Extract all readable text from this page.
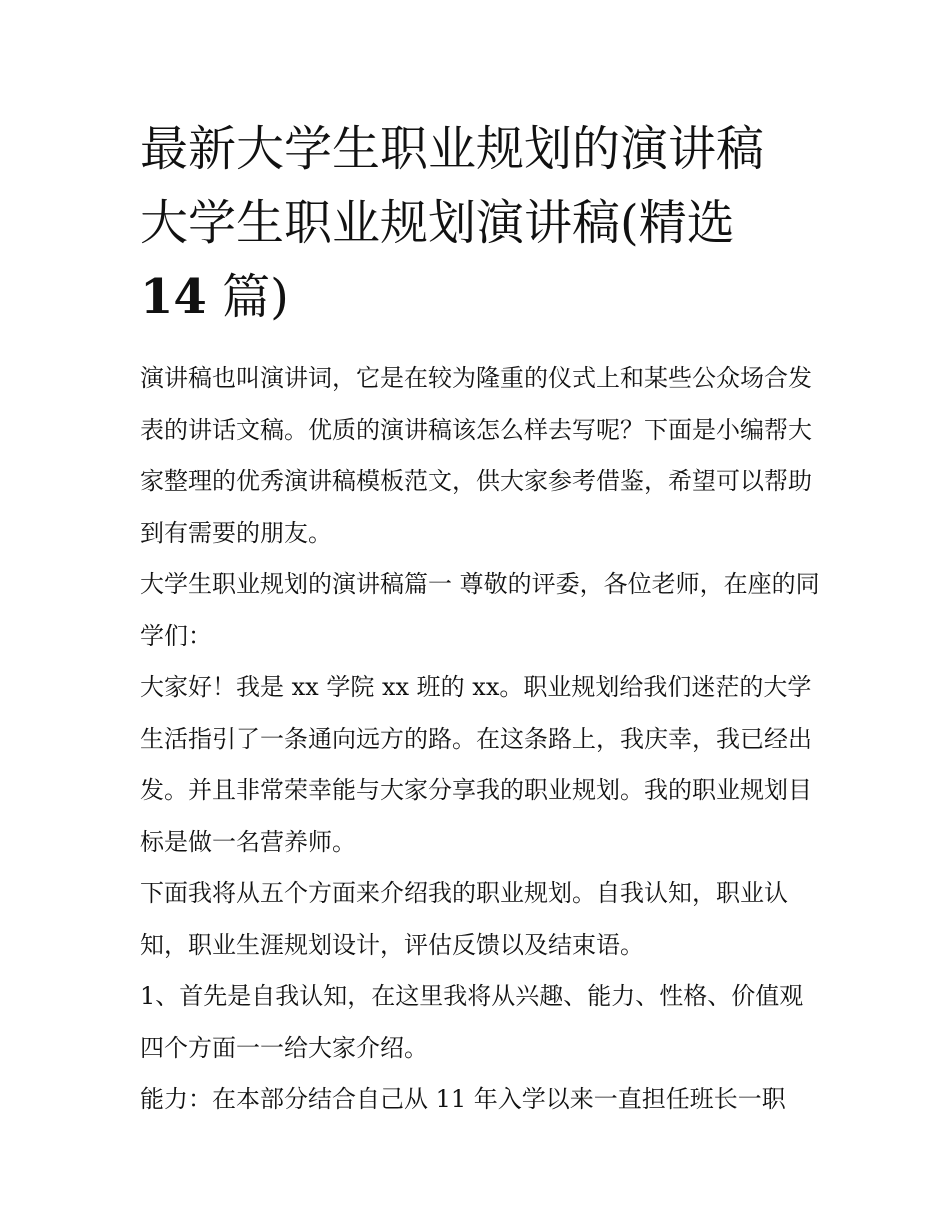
最新大学生职业规划的演讲稿
大学生职业规划演讲稿(精选
14 篇)

演讲稿也叫演讲词，它是在较为隆重的仪式上和某些公众场合发表的讲话文稿。优质的演讲稿该怎么样去写呢？下面是小编帮大家整理的优秀演讲稿模板范文，供大家参考借鉴，希望可以帮助到有需要的朋友。

大学生职业规划的演讲稿篇一 尊敬的评委，各位老师，在座的同学们：

大家好！我是 xx 学院 xx 班的 xx。职业规划给我们迷茫的大学生活指引了一条通向远方的路。在这条路上，我庆幸，我已经出发。并且非常荣幸能与大家分享我的职业规划。我的职业规划目标是做一名营养师。

下面我将从五个方面来介绍我的职业规划。自我认知，职业认知，职业生涯规划设计，评估反馈以及结束语。

1、首先是自我认知，在这里我将从兴趣、能力、性格、价值观四个方面一一给大家介绍。

能力：在本部分结合自己从 11 年入学以来一直担任班长一职
